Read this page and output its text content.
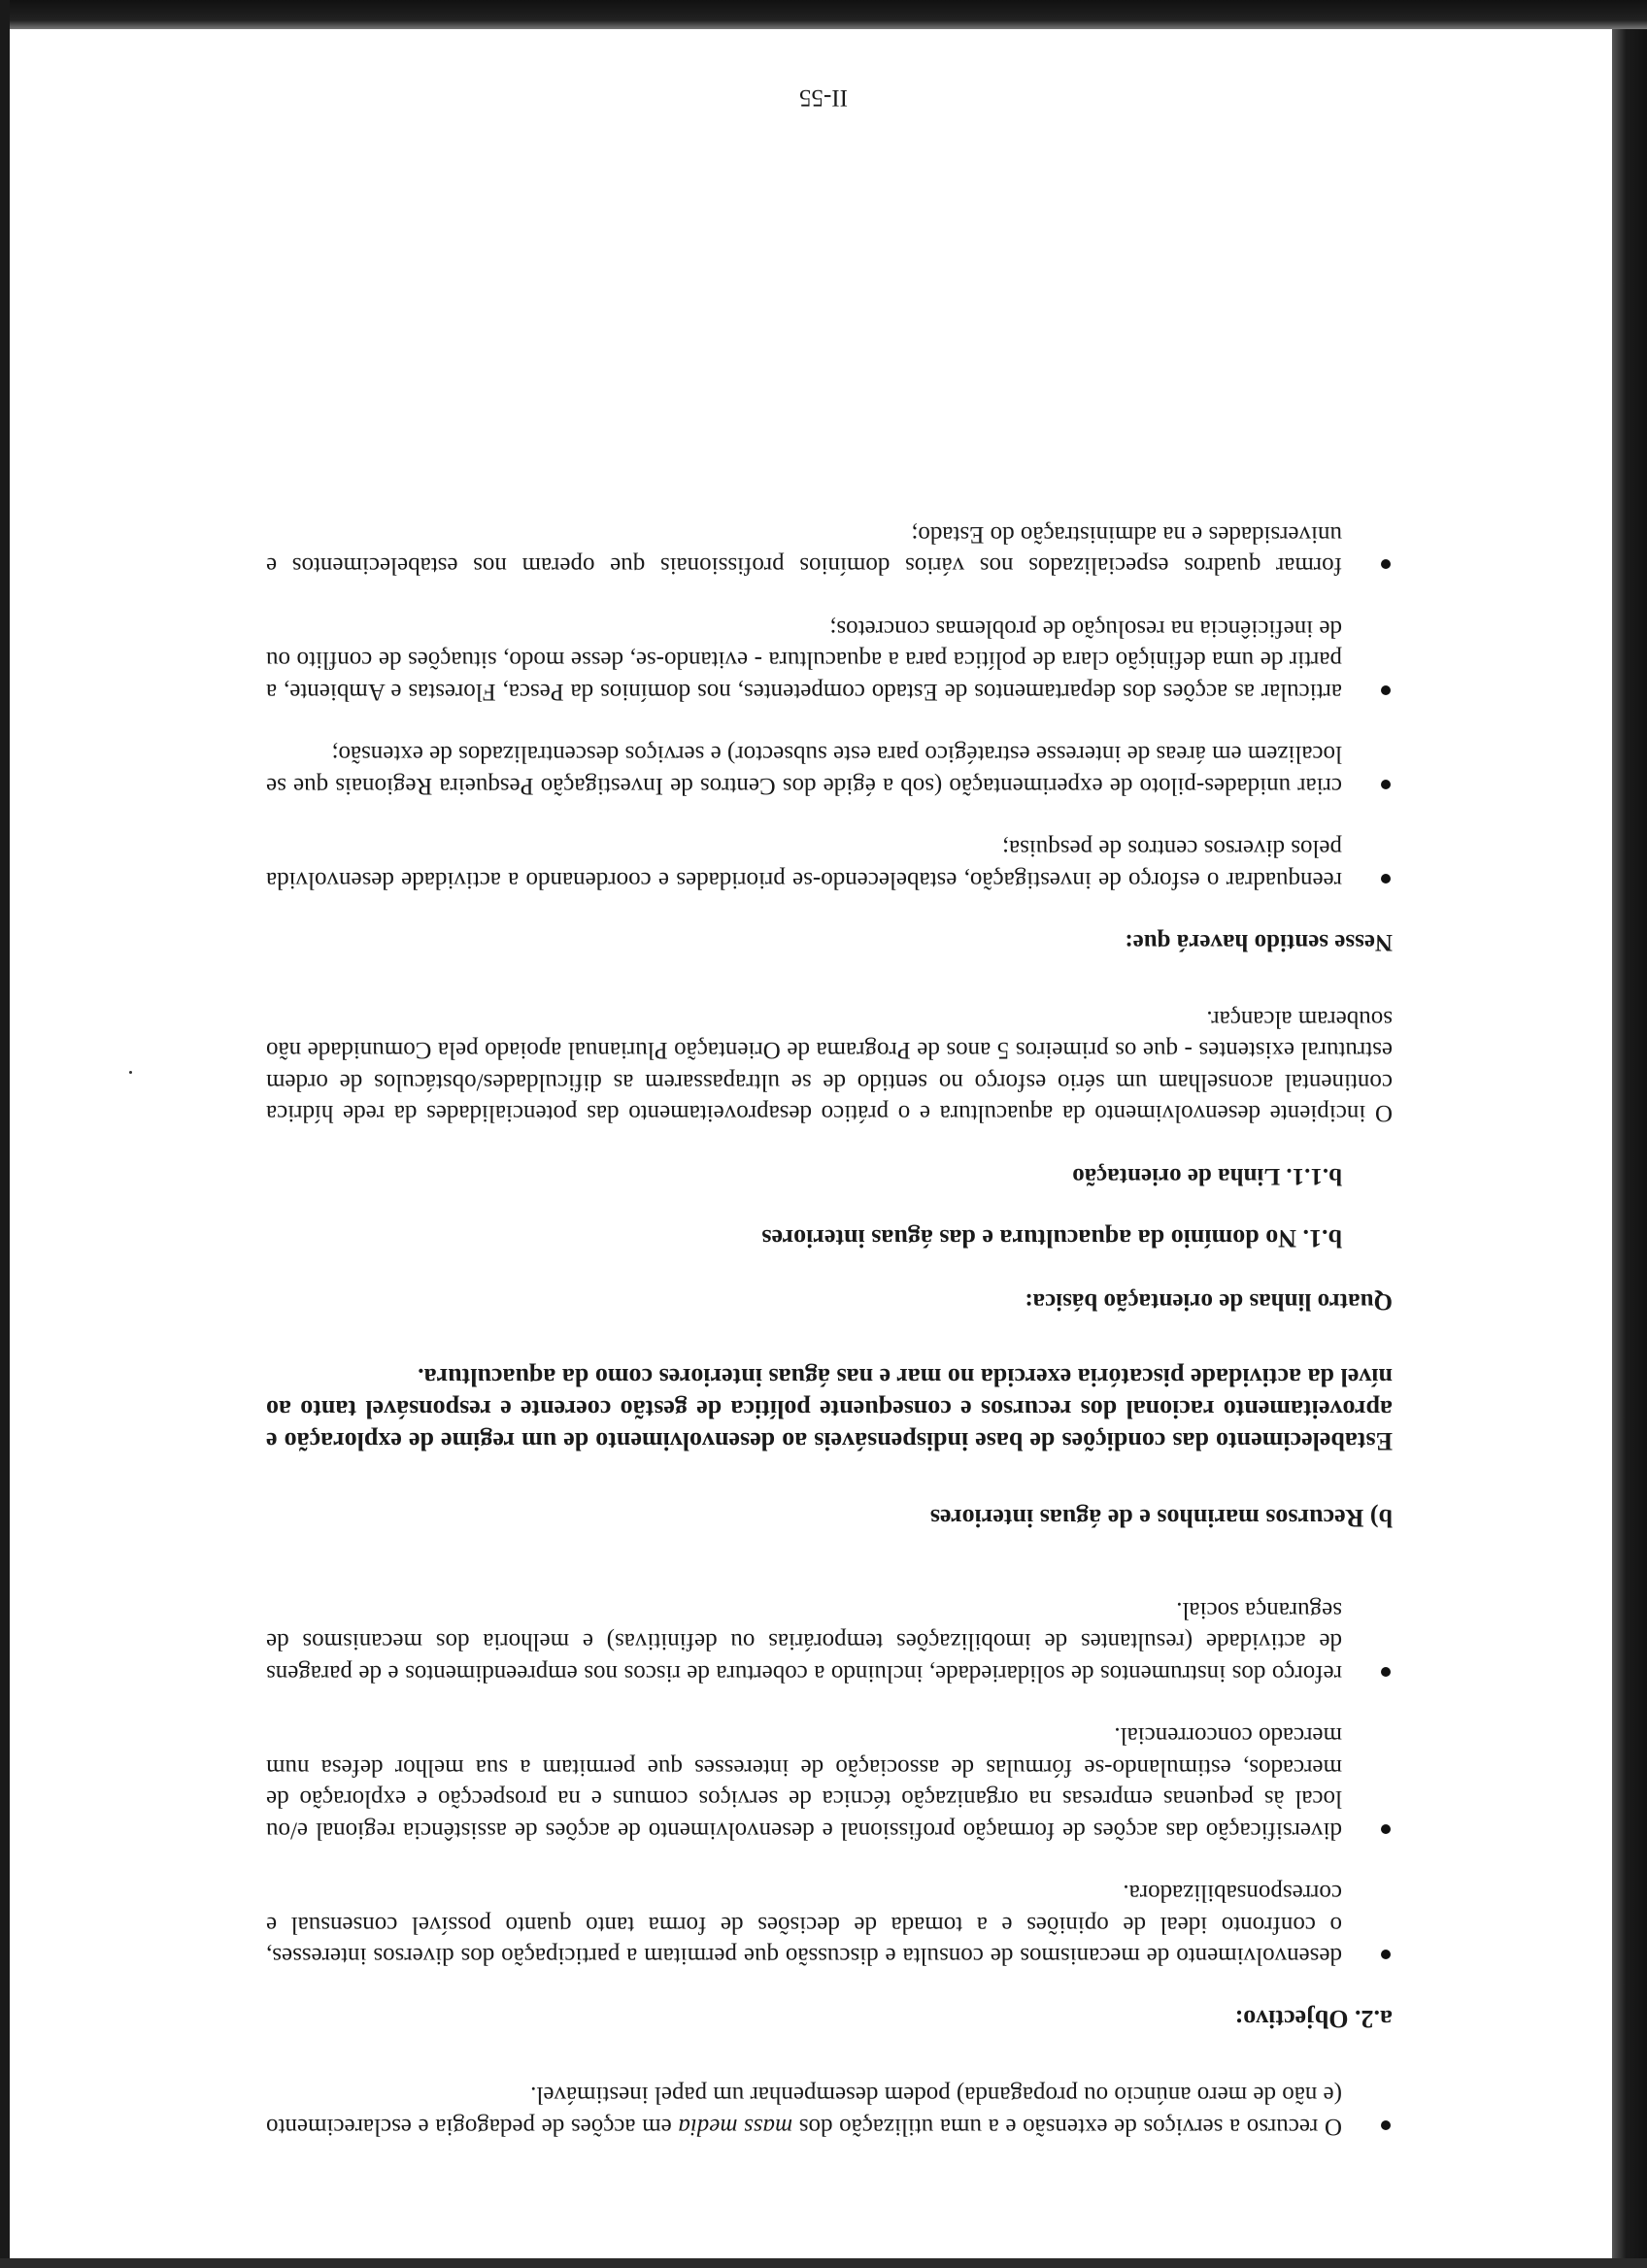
O recurso a serviços de extensão e a uma utilização dos mass media em acções de pedagogia e esclarecimento (e não de mero anúncio ou propaganda) podem desempenhar um papel inestimável.

a.2. Objectivo:

desenvolvimento de mecanismos de consulta e discussão que permitam a participação dos diversos interesses, o confronto ideal de opiniões e a tomada de decisões de forma tanto quanto possível consensual e corresponsabilizadora.
diversificação das acções de formação profissional e desenvolvimento de acções de assistência regional e/ou local às pequenas empresas na organização técnica de serviços comuns e na prospecção e exploração de mercados, estimulando-se fórmulas de associação de interesses que permitam a sua melhor defesa num mercado concorrencial.
reforço dos instrumentos de solidariedade, incluindo a cobertura de riscos nos empreendimentos e de paragens de actividade (resultantes de imobilizações temporárias ou definitivas) e melhoria dos mecanismos de segurança social.

b) Recursos marinhos e de águas interiores

Estabelecimento das condições de base indispensáveis ao desenvolvimento de um regime de exploração e aproveitamento racional dos recursos e consequente política de gestão coerente e responsável tanto ao nível da actividade piscatória exercida no mar e nas águas interiores como da aquacultura.

Quatro linhas de orientação básica:

b.1. No domínio da aquacultura e das águas interiores

b.1.1. Linha de orientação

O incipiente desenvolvimento da aquacultura e o prático desaproveitamento das potencialidades da rede hídrica continental aconselham um sério esforço no sentido de se ultrapassarem as dificuldades/obstáculos de ordem estrutural existentes - que os primeiros 5 anos de Programa de Orientação Plurianual apoiado pela Comunidade não souberam alcançar.

Nesse sentido haverá que:

reenquadrar o esforço de investigação, estabelecendo-se prioridades e coordenando a actividade desenvolvida pelos diversos centros de pesquisa;
criar unidades-piloto de experimentação (sob a égide dos Centros de Investigação Pesqueira Regionais que se localizem em áreas de interesse estratégico para este subsector) e serviços descentralizados de extensão;
articular as acções dos departamentos de Estado competentes, nos domínios da Pesca, Florestas e Ambiente, a partir de uma definição clara de política para a aquacultura - evitando-se, desse modo, situações de conflito ou de ineficiência na resolução de problemas concretos;
formar quadros especializados nos vários domínios profissionais que operam nos estabelecimentos e universidades e na administração do Estado;
II-55
